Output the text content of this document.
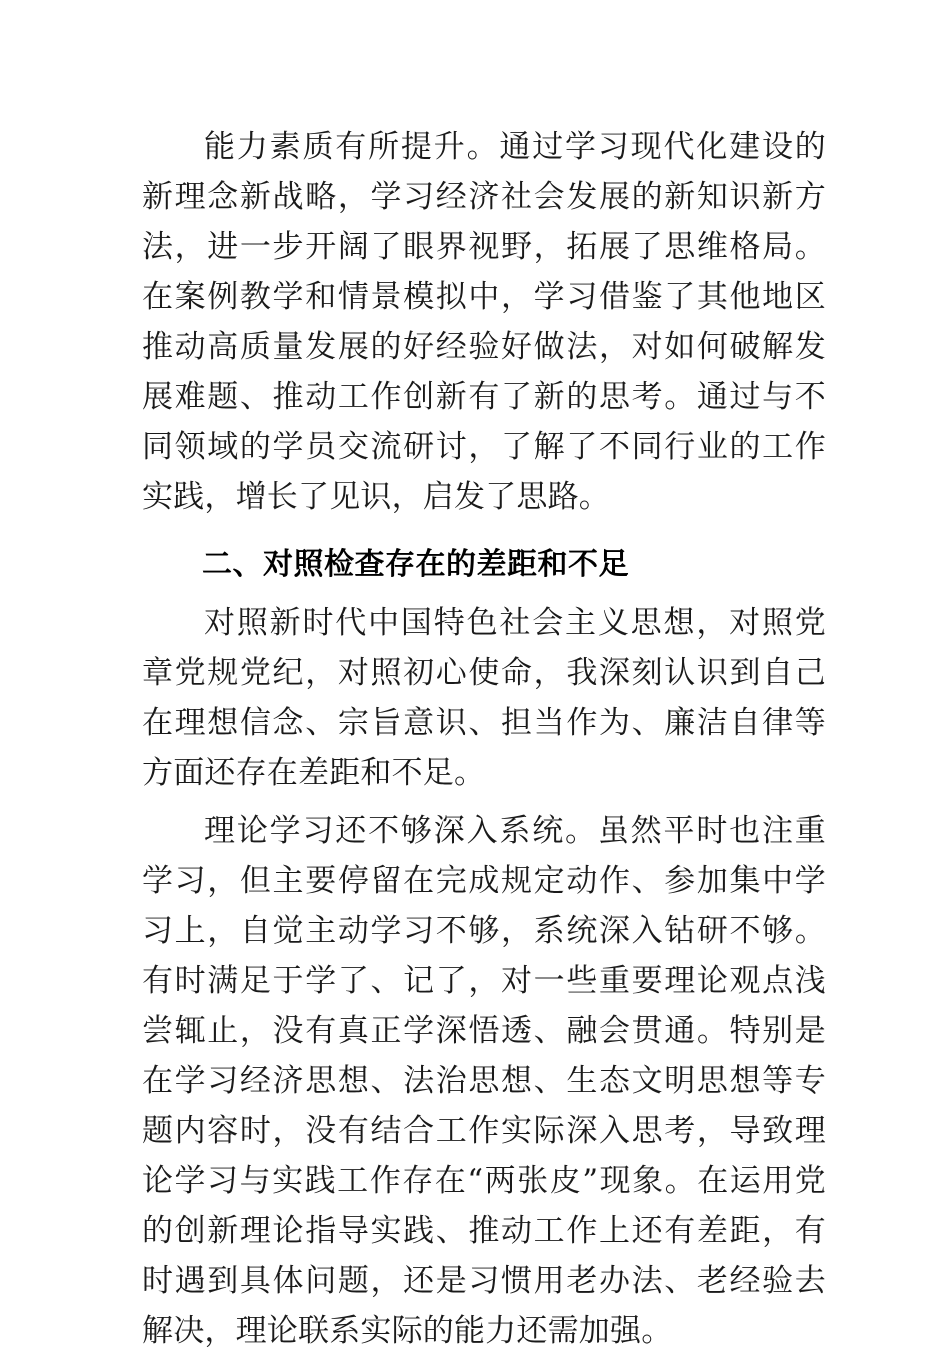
能力素质有所提升。通过学习现代化建设的新理念新战略，学习经济社会发展的新知识新方法，进一步开阔了眼界视野，拓展了思维格局。在案例教学和情景模拟中，学习借鉴了其他地区推动高质量发展的好经验好做法，对如何破解发展难题、推动工作创新有了新的思考。通过与不同领域的学员交流研讨，了解了不同行业的工作实践，增长了见识，启发了思路。

二、对照检查存在的差距和不足

对照新时代中国特色社会主义思想，对照党章党规党纪，对照初心使命，我深刻认识到自己在理想信念、宗旨意识、担当作为、廉洁自律等方面还存在差距和不足。

理论学习还不够深入系统。虽然平时也注重学习，但主要停留在完成规定动作、参加集中学习上，自觉主动学习不够，系统深入钻研不够。有时满足于学了、记了，对一些重要理论观点浅尝辄止，没有真正学深悟透、融会贯通。特别是在学习经济思想、法治思想、生态文明思想等专题内容时，没有结合工作实际深入思考，导致理论学习与实践工作存在“两张皮”现象。在运用党的创新理论指导实践、推动工作上还有差距，有时遇到具体问题，还是习惯用老办法、老经验去解决，理论联系实际的能力还需加强。
